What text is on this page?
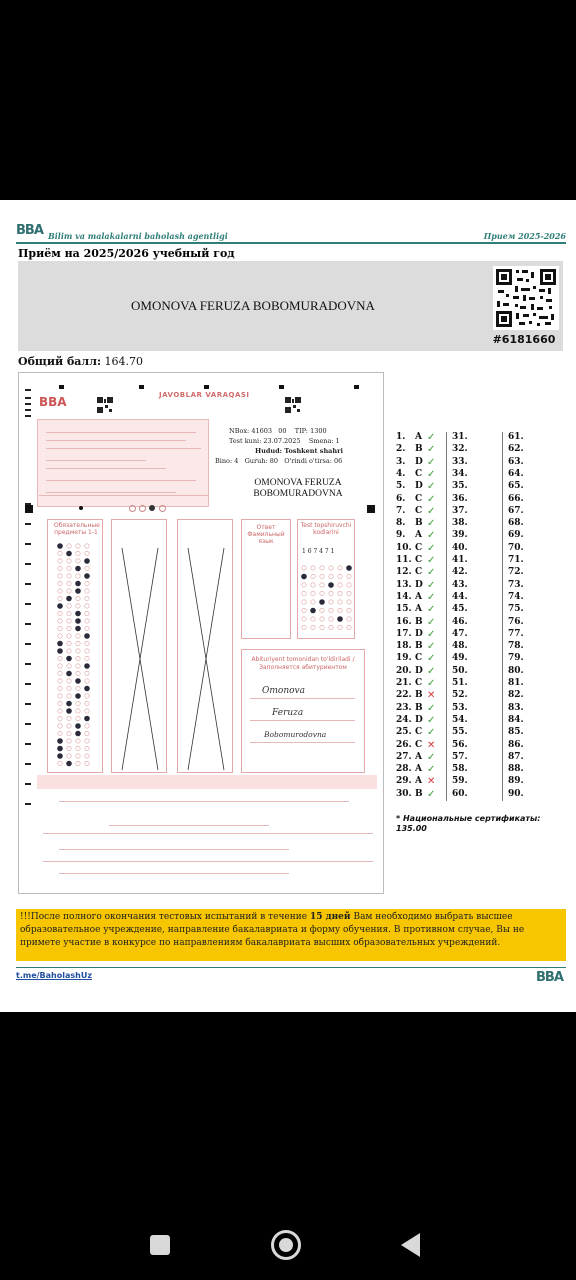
BBA Bilim va malakalarni baholash agentligi	Прием 2025-2026
Приём на 2025/2026 учебный год
OMONOVA FERUZA BOBOMURADOVNA
#6181660
Общий балл: 164.70
BBA	JAVOBLAR VARAQASI
NBox: 41603 00 TIP: 1300
Test kuni: 23.07.2025 Smena: 1
Hudud: Toshkent shahri
Bino: 4 Guruh: 80 O'rindi o'tirsa: 06
OMONOVA FERUZA
BOBOMURADOVNA
Обязательные предметы 1-1
Ответ Фамильный язык
Test topshiruvchi kodlarini
1 6 7 4 7 1
Abituriyent tomonidan to'ldiriladi / Заполняется абитуриентом
Omonova
Feruza
Bobomurodovna
1.	A ✓	31.	61.
2.	B ✓	32.	62.
3.	D ✓	33.	63.
4.	C ✓	34.	64.
5.	D ✓	35.	65.
6.	C ✓	36.	66.
7.	C ✓	37.	67.
8.	B ✓	38.	68.
9.	A ✓	39.	69.
10. C ✓	40.	70.
11. C ✓	41.	71.
12. C ✓	42.	72.
13. D ✓	43.	73.
14. A ✓	44.	74.
15. A ✓	45.	75.
16. B ✓	46.	76.
17. D ✓	47.	77.
18. B ✓	48.	78.
19. C ✓	49.	79.
20. D ✓	50.	80.
21. C ✓	51.	81.
22. B ✕	52.	82.
23. B ✓	53.	83.
24. D ✓	54.	84.
25. C ✓	55.	85.
26. C ✕	56.	86.
27. A ✓	57.	87.
28. A ✓	58.	88.
29. A ✕	59.	89.
30. B ✓	60.	90.
* Национальные сертификаты:
135.00
!!!После полного окончания тестовых испытаний в течение 15 дней Вам необходимо выбрать высшее образовательное учреждение, направление бакалавриата и форму обучения. В противном случае, Вы не примете участие в конкурсе по направлениям бакалавриата высших образовательных учреждений.
t.me/BaholashUz	BBA
